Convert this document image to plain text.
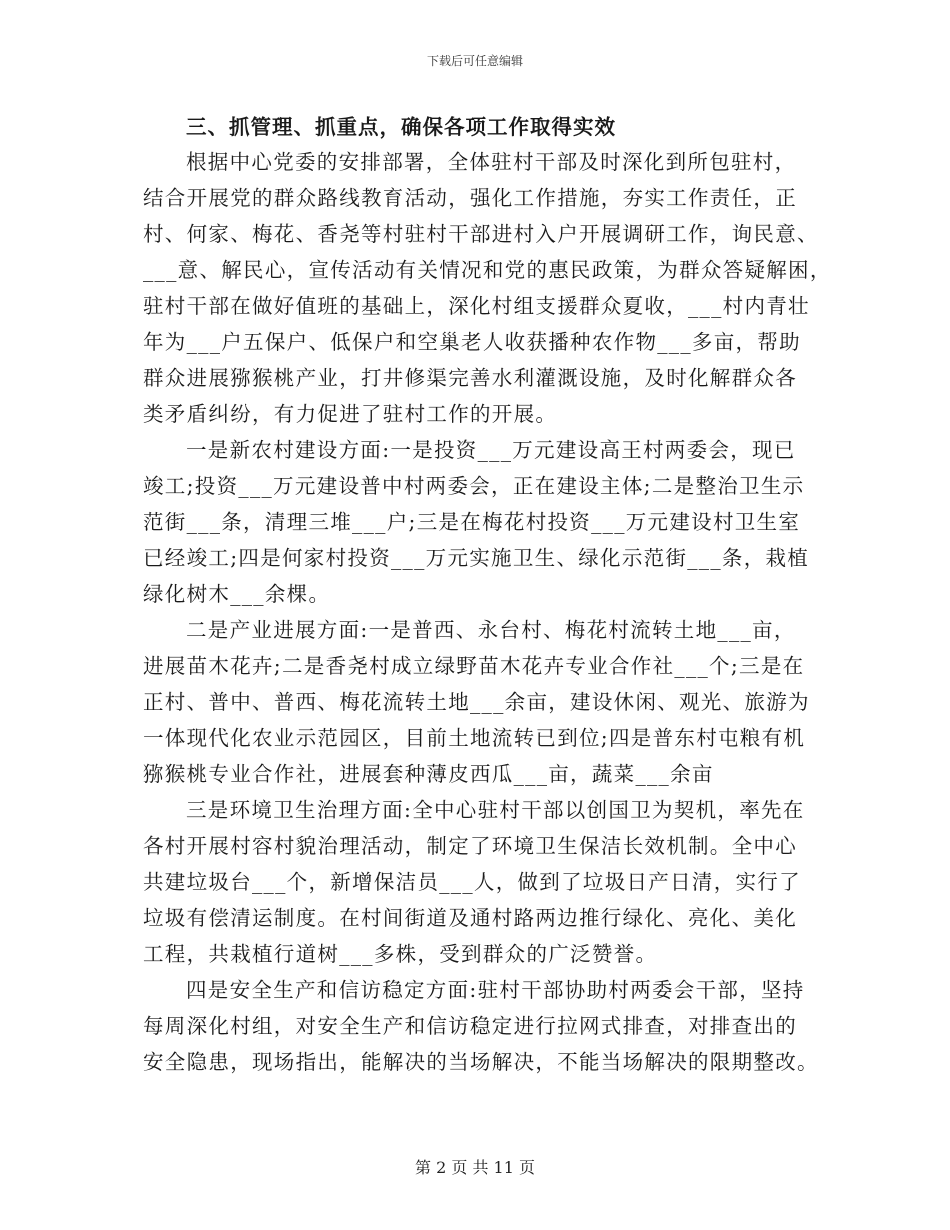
下载后可任意编辑
三、抓管理、抓重点，确保各项工作取得实效
根据中心党委的安排部署，全体驻村干部及时深化到所包驻村，
结合开展党的群众路线教育活动，强化工作措施，夯实工作责任，正
村、何家、梅花、香尧等村驻村干部进村入户开展调研工作，询民意、
___意、解民心，宣传活动有关情况和党的惠民政策，为群众答疑解困，
驻村干部在做好值班的基础上，深化村组支援群众夏收，___村内青壮
年为___户五保户、低保户和空巢老人收获播种农作物___多亩，帮助
群众进展猕猴桃产业，打井修渠完善水利灌溉设施，及时化解群众各
类矛盾纠纷，有力促进了驻村工作的开展。
一是新农村建设方面:一是投资___万元建设高王村两委会，现已
竣工;投资___万元建设普中村两委会，正在建设主体;二是整治卫生示
范街___条，清理三堆___户;三是在梅花村投资___万元建设村卫生室
已经竣工;四是何家村投资___万元实施卫生、绿化示范街___条，栽植
绿化树木___余棵。
二是产业进展方面:一是普西、永台村、梅花村流转土地___亩，
进展苗木花卉;二是香尧村成立绿野苗木花卉专业合作社___个;三是在
正村、普中、普西、梅花流转土地___余亩，建设休闲、观光、旅游为
一体现代化农业示范园区，目前土地流转已到位;四是普东村屯粮有机
猕猴桃专业合作社，进展套种薄皮西瓜___亩，蔬菜___余亩
三是环境卫生治理方面:全中心驻村干部以创国卫为契机，率先在
各村开展村容村貌治理活动，制定了环境卫生保洁长效机制。全中心
共建垃圾台___个，新增保洁员___人，做到了垃圾日产日清，实行了
垃圾有偿清运制度。在村间街道及通村路两边推行绿化、亮化、美化
工程，共栽植行道树___多株，受到群众的广泛赞誉。
四是安全生产和信访稳定方面:驻村干部协助村两委会干部，坚持
每周深化村组，对安全生产和信访稳定进行拉网式排查，对排查出的
安全隐患，现场指出，能解决的当场解决，不能当场解决的限期整改。
第 2 页 共 11 页
